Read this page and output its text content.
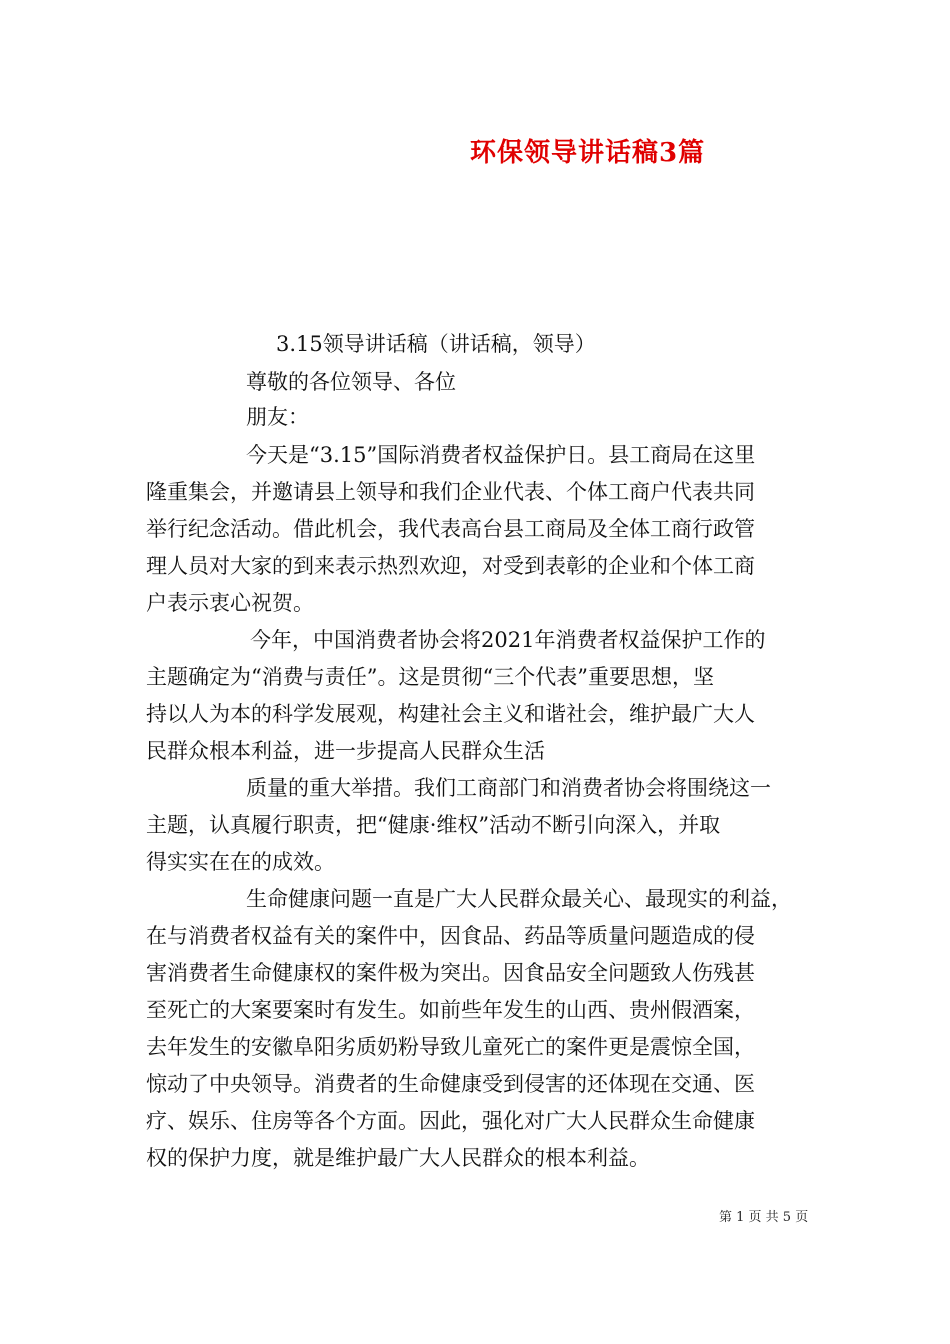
环保领导讲话稿3篇
3.15领导讲话稿（讲话稿，领导）
尊敬的各位领导、各位
朋友：
今天是“3.15”国际消费者权益保护日。县工商局在这里
隆重集会，并邀请县上领导和我们企业代表、个体工商户代表共同
举行纪念活动。借此机会，我代表高台县工商局及全体工商行政管
理人员对大家的到来表示热烈欢迎，对受到表彰的企业和个体工商
户表示衷心祝贺。
今年，中国消费者协会将2021年消费者权益保护工作的
主题确定为“消费与责任”。这是贯彻“三个代表”重要思想，坚
持以人为本的科学发展观，构建社会主义和谐社会，维护最广大人
民群众根本利益，进一步提高人民群众生活
质量的重大举措。我们工商部门和消费者协会将围绕这一
主题，认真履行职责，把“健康·维权”活动不断引向深入，并取
得实实在在的成效。
生命健康问题一直是广大人民群众最关心、最现实的利益，
在与消费者权益有关的案件中，因食品、药品等质量问题造成的侵
害消费者生命健康权的案件极为突出。因食品安全问题致人伤残甚
至死亡的大案要案时有发生。如前些年发生的山西、贵州假酒案，
去年发生的安徽阜阳劣质奶粉导致儿童死亡的案件更是震惊全国，
惊动了中央领导。消费者的生命健康受到侵害的还体现在交通、医
疗、娱乐、住房等各个方面。因此，强化对广大人民群众生命健康
权的保护力度，就是维护最广大人民群众的根本利益。
第 1 页 共 5 页
